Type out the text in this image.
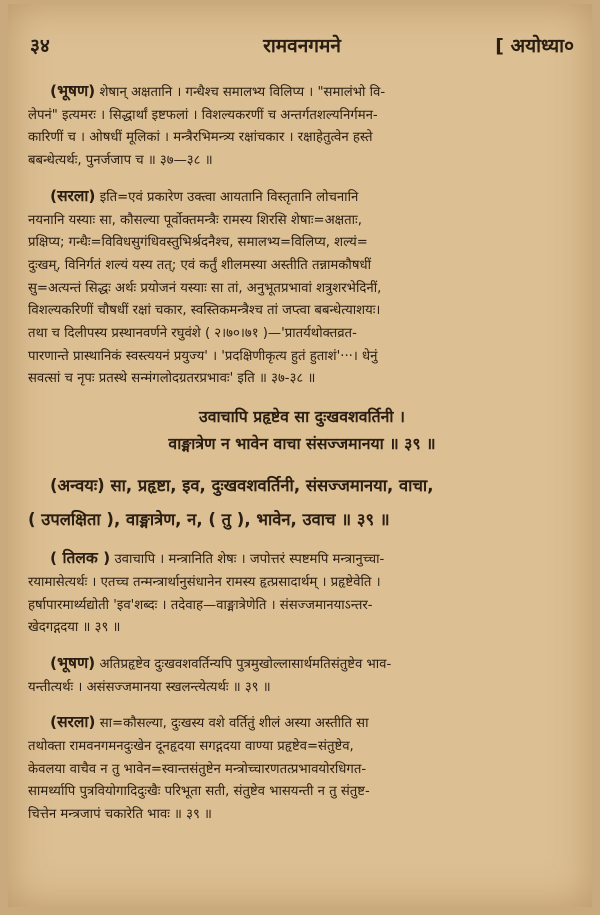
३४	रामवनगमने	[ अयोध्या०
(भूषण) शेषान् अक्षतानि । गन्धैश्च समालभ्य विलिप्य । "समालंभो वि-
लेपनं" इत्यमरः । सिद्धार्थां इष्टफलां । विशल्यकरणीं च अन्तर्गतशल्यनिर्गमन-
कारिणीं च । ओषधीं मूलिकां । मन्त्रैरभिमन्त्र्य रक्षांचकार । रक्षाहेतुत्वेन हस्ते
बबन्धेत्यर्थः, पुनर्जजाप च ॥ ३७—३८ ॥
(सरला) इति=एवं प्रकारेण उक्त्वा आयतानि विस्तृतानि लोचनानि
नयनानि यस्याः सा, कौसल्या पूर्वोक्तमन्त्रैः रामस्य शिरसि शेषाः=अक्षताः,
प्रक्षिप्य; गन्धैः=विविधसुगंधिवस्तुभिर्श्रदनैश्च, समालभ्य=विलिप्य, शल्यं=
दुःखम्, विनिर्गतं शल्यं यस्य तत्; एवं कर्तुं शीलमस्या अस्तीति तन्नामकौषधीं
सु=अत्यन्तं सिद्धः अर्थः प्रयोजनं यस्याः सा तां, अनुभूतप्रभावां शत्रुशरभेदिनीं,
विशल्यकरिणीं चौषधीं रक्षां चकार, स्वस्तिकमन्त्रैश्च तां जप्त्वा बबन्धेत्याशयः।
तथा च दिलीपस्य प्रस्थानवर्णने रघुवंशे ( २।७०।७१ )—'प्रातर्यथोक्तव्रत-
पारणान्ते प्रास्थानिकं स्वस्त्ययनं प्रयुज्य' । 'प्रदक्षिणीकृत्य हुतं हुताशं'···। धेनुं
सवत्सां च नृपः प्रतस्थे सन्मंगलोदग्रतरप्रभावः' इति ॥ ३७-३८ ॥
उवाचापि प्रहृष्टेव सा दुःखवशवर्तिनी ।
वाङ्मात्रेण न भावेन वाचा संसज्जमानया ॥ ३९ ॥
(अन्वयः) सा, प्रहृष्टा, इव, दुःखवशवर्तिनी, संसज्जमानया, वाचा,
( उपलक्षिता ), वाङ्मात्रेण, न, ( तु ), भावेन, उवाच ॥ ३९ ॥
( तिलक ) उवाचापि । मन्त्रानिति शेषः । जपोत्तरं स्पष्टमपि मन्त्रानुच्चा-
रयामासेत्यर्थः । एतच्च तन्मन्त्रार्थानुसंधानेन रामस्य हृत्प्रसादार्थम् । प्रहृष्टेवेति ।
हर्षापारमार्थ्यद्योती 'इव'शब्दः । तदेवाह—वाङ्मात्रेणेति । संसज्जमानयाऽन्तर-
खेदगद्गदया ॥ ३९ ॥
(भूषण) अतिप्रहृष्टेव दुःखवशवर्तिन्यपि पुत्रमुखोल्लासार्थमतिसंतुष्टेव भाव-
यन्तीत्यर्थः । असंसज्जमानया स्खलन्त्येत्यर्थः ॥ ३९ ॥
(सरला) सा=कौसल्या, दुःखस्य वशे वर्तितुं शीलं अस्या अस्तीति सा
तथोक्ता रामवनगमनदुःखेन दूनहृदया सगद्गदया वाण्या प्रहृष्टेव=संतुष्टेव,
केवलया वाचैव न तु भावेन=स्वान्तसंतुष्टेन मन्त्रोच्चारणतत्प्रभावयोरधिगत-
सामर्थ्यापि पुत्रवियोगादिदुःखैः परिभूता सती, संतुष्टेव भासयन्ती न तु संतुष्ट-
चित्तेन मन्त्रजापं चकारेति भावः ॥ ३९ ॥
